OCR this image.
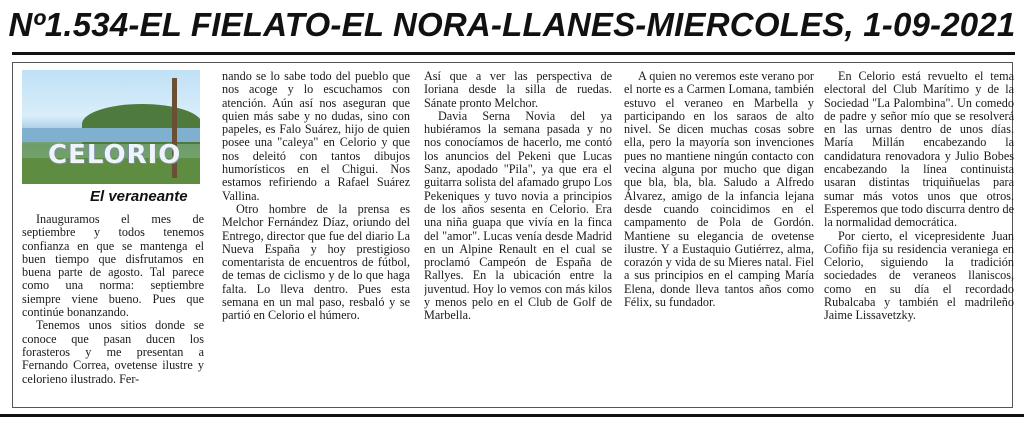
Nº1.534-EL FIELATO-EL NORA-LLANES-MIERCOLES, 1-09-2021
CELORIO
El veraneante

Inauguramos el mes de septiembre y todos tenemos confianza en que se mantenga el buen tiempo que disfrutamos en buena parte de agosto. Tal parece como una norma: septiembre siempre viene bueno. Pues que continúe bonanzando.

Tenemos unos sitios donde se conoce que pasan ducen los forasteros y me presentan a Fernando Correa, ovetense ilustre y celorieno ilustrado. Fer-

nando se lo sabe todo del pueblo que nos acoge y lo escuchamos con atención. Aún así nos aseguran que quien más sabe y no dudas, sino con papeles, es Falo Suárez, hijo de quien posee una "caleya" en Celorio y que nos deleitó con tantos dibujos humorísticos en el Chigui. Nos estamos refiriendo a Rafael Suárez Vallina.

Otro hombre de la prensa es Melchor Fernández Díaz, oriundo del Entrego, director que fue del diario La Nueva España y hoy prestigioso comentarista de encuentros de fútbol, de temas de ciclismo y de lo que haga falta. Lo lleva dentro. Pues esta semana en un mal paso, resbaló y se partió en Celorio el húmero.

Así que a ver las perspectiva de Ioriana desde la silla de ruedas. Sánate pronto Melchor.

Davia Serna Novia del ya hubiéramos la semana pasada y no nos conocíamos de hacerlo, me contó los anuncios del Pekeni que Lucas Sanz, apodado "Pila", ya que era el guitarra solista del afamado grupo Los Pekeniques y tuvo novia a principios de los años sesenta en Celorio. Era una niña guapa que vivía en la finca del "amor". Lucas venía desde Madrid en un Alpine Renault en el cual se proclamó Campeón de España de Rallyes. En la ubicación entre la juventud. Hoy lo vemos con más kilos y menos pelo en el Club de Golf de Marbella.

A quien no veremos este verano por el norte es a Carmen Lomana, también estuvo el veraneo en Marbella y participando en los saraos de alto nivel. Se dicen muchas cosas sobre ella, pero la mayoría son invenciones pues no mantiene ningún contacto con vecina alguna por mucho que digan que bla, bla, bla. Saludo a Alfredo Álvarez, amigo de la infancia lejana desde cuando coincidimos en el campamento de Pola de Gordón. Mantiene su elegancia de ovetense ilustre. Y a Eustaquio Gutiérrez, alma, corazón y vida de su Mieres natal. Fiel a sus principios en el camping María Elena, donde lleva tantos años como Félix, su fundador.

En Celorio está revuelto el tema electoral del Club Marítimo y de la Sociedad "La Palombina". Un comedo de padre y señor mío que se resolverá en las urnas dentro de unos días. María Millán encabezando la candidatura renovadora y Julio Bobes encabezando la línea continuista usaran distintas triquiñuelas para sumar más votos unos que otros. Esperemos que todo discurra dentro de la normalidad democrática.

Por cierto, el vicepresidente Juan Cofiño fija su residencia veraniega en Celorio, siguiendo la tradición sociedades de veraneos llaniscos, como en su día el recordado Rubalcaba y también el madrileño Jaime Lissavetzky.
